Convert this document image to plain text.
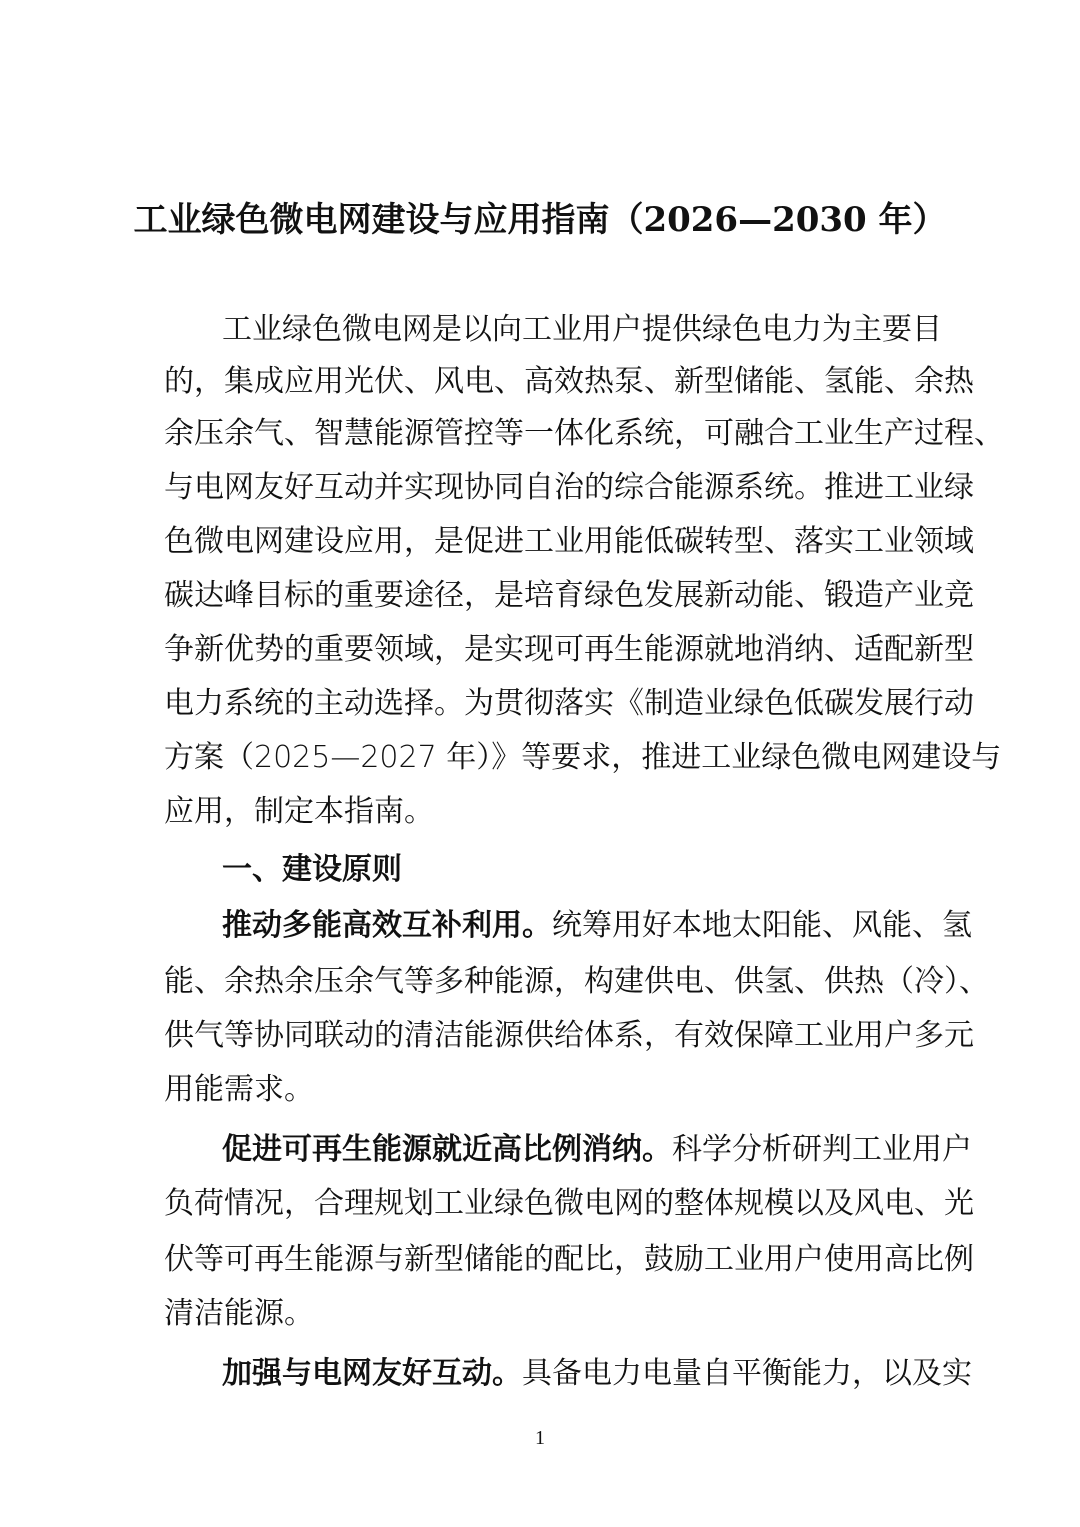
工业绿色微电网建设与应用指南（2026—2030 年）
工业绿色微电网是以向工业用户提供绿色电力为主要目
的，集成应用光伏、风电、高效热泵、新型储能、氢能、余热
余压余气、智慧能源管控等一体化系统，可融合工业生产过程、
与电网友好互动并实现协同自治的综合能源系统。推进工业绿
色微电网建设应用，是促进工业用能低碳转型、落实工业领域
碳达峰目标的重要途径，是培育绿色发展新动能、锻造产业竞
争新优势的重要领域，是实现可再生能源就地消纳、适配新型
电力系统的主动选择。为贯彻落实《制造业绿色低碳发展行动
方案（2025—2027 年）》等要求，推进工业绿色微电网建设与
应用，制定本指南。
一、建设原则
推动多能高效互补利用。统筹用好本地太阳能、风能、氢
能、余热余压余气等多种能源，构建供电、供氢、供热（冷）、
供气等协同联动的清洁能源供给体系，有效保障工业用户多元
用能需求。
促进可再生能源就近高比例消纳。科学分析研判工业用户
负荷情况，合理规划工业绿色微电网的整体规模以及风电、光
伏等可再生能源与新型储能的配比，鼓励工业用户使用高比例
清洁能源。
加强与电网友好互动。具备电力电量自平衡能力，以及实
1
